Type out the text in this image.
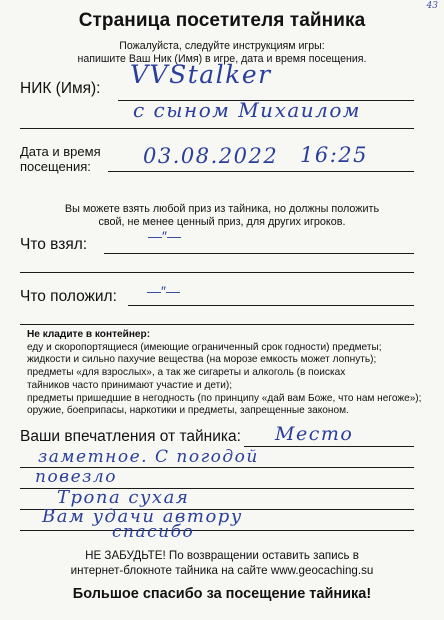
43
Страница посетителя тайника
Пожалуйста, следуйте инструкциям игры:
напишите Ваш Ник (Имя) в игре, дата и время посещения.
НИК (Имя): VVStalker
с сыном Михаилом
Дата и время
посещения:	03.08.2022 16:25
Вы можете взять любой приз из тайника, но должны положить
свой, не менее ценный приз, для других игроков.
Что взял:	—″—
Что положил: —″—
Не кладите в контейнер:
еду и скоропортящиеся (имеющие ограниченный срок годности) предметы;
жидкости и сильно пахучие вещества (на морозе емкость может лопнуть);
предметы «для взрослых», а так же сигареты и алкоголь (в поисках
тайников часто принимают участие и дети);
предметы пришедшие в негодность (по принципу «дай вам Боже, что нам негоже»);
оружие, боеприпасы, наркотики и предметы, запрещенные законом.
Ваши впечатления от тайника: Место
заметное. С погодой
повезло
Тропа сухая
Вам удачи автору
спасибо
НЕ ЗАБУДЬТЕ! По возвращении оставить запись в
интернет-блокноте тайника на сайте www.geocaching.su
Большое спасибо за посещение тайника!
